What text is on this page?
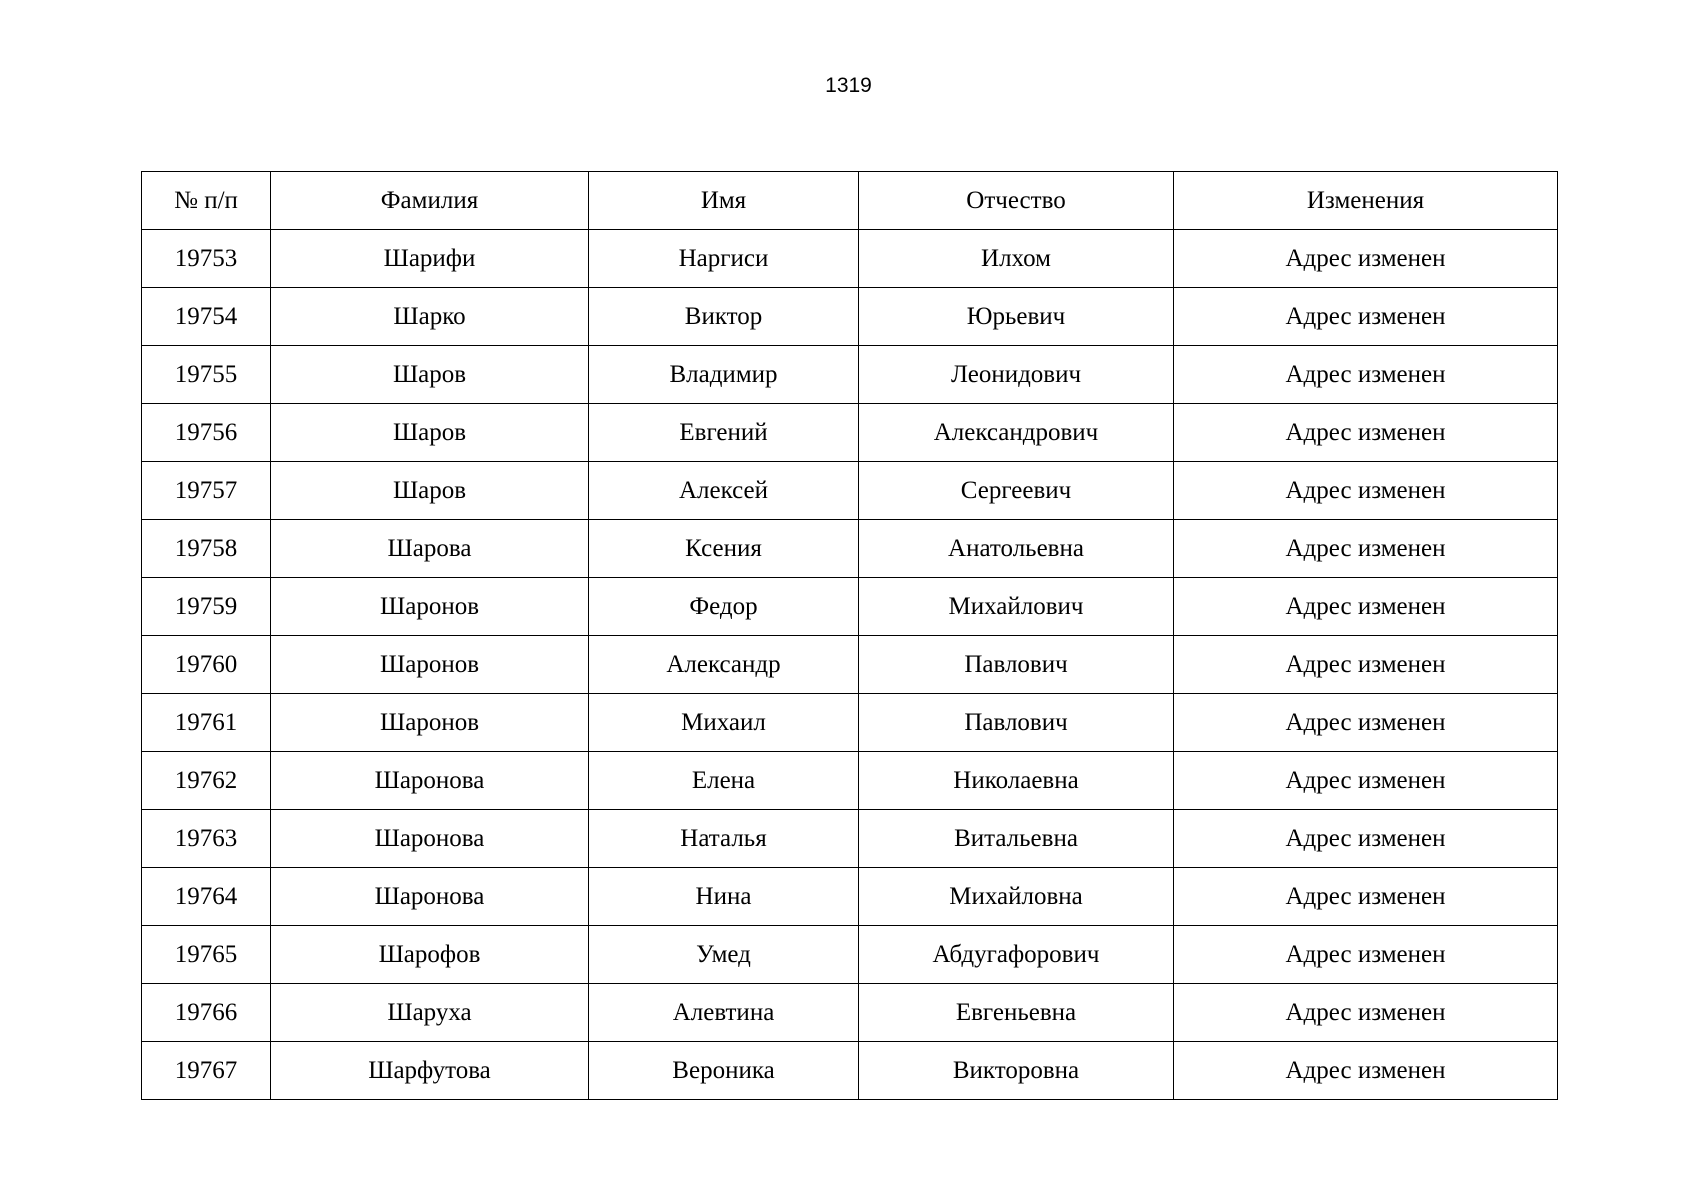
1319
№ п/п	Фамилия	Имя	Отчество	Изменения
19753	Шарифи	Наргиси	Илхом	Адрес изменен
19754	Шарко	Виктор	Юрьевич	Адрес изменен
19755	Шаров	Владимир	Леонидович	Адрес изменен
19756	Шаров	Евгений	Александрович	Адрес изменен
19757	Шаров	Алексей	Сергеевич	Адрес изменен
19758	Шарова	Ксения	Анатольевна	Адрес изменен
19759	Шаронов	Федор	Михайлович	Адрес изменен
19760	Шаронов	Александр	Павлович	Адрес изменен
19761	Шаронов	Михаил	Павлович	Адрес изменен
19762	Шаронова	Елена	Николаевна	Адрес изменен
19763	Шаронова	Наталья	Витальевна	Адрес изменен
19764	Шаронова	Нина	Михайловна	Адрес изменен
19765	Шарофов	Умед	Абдугафорович	Адрес изменен
19766	Шаруха	Алевтина	Евгеньевна	Адрес изменен
19767	Шарфутова	Вероника	Викторовна	Адрес изменен
